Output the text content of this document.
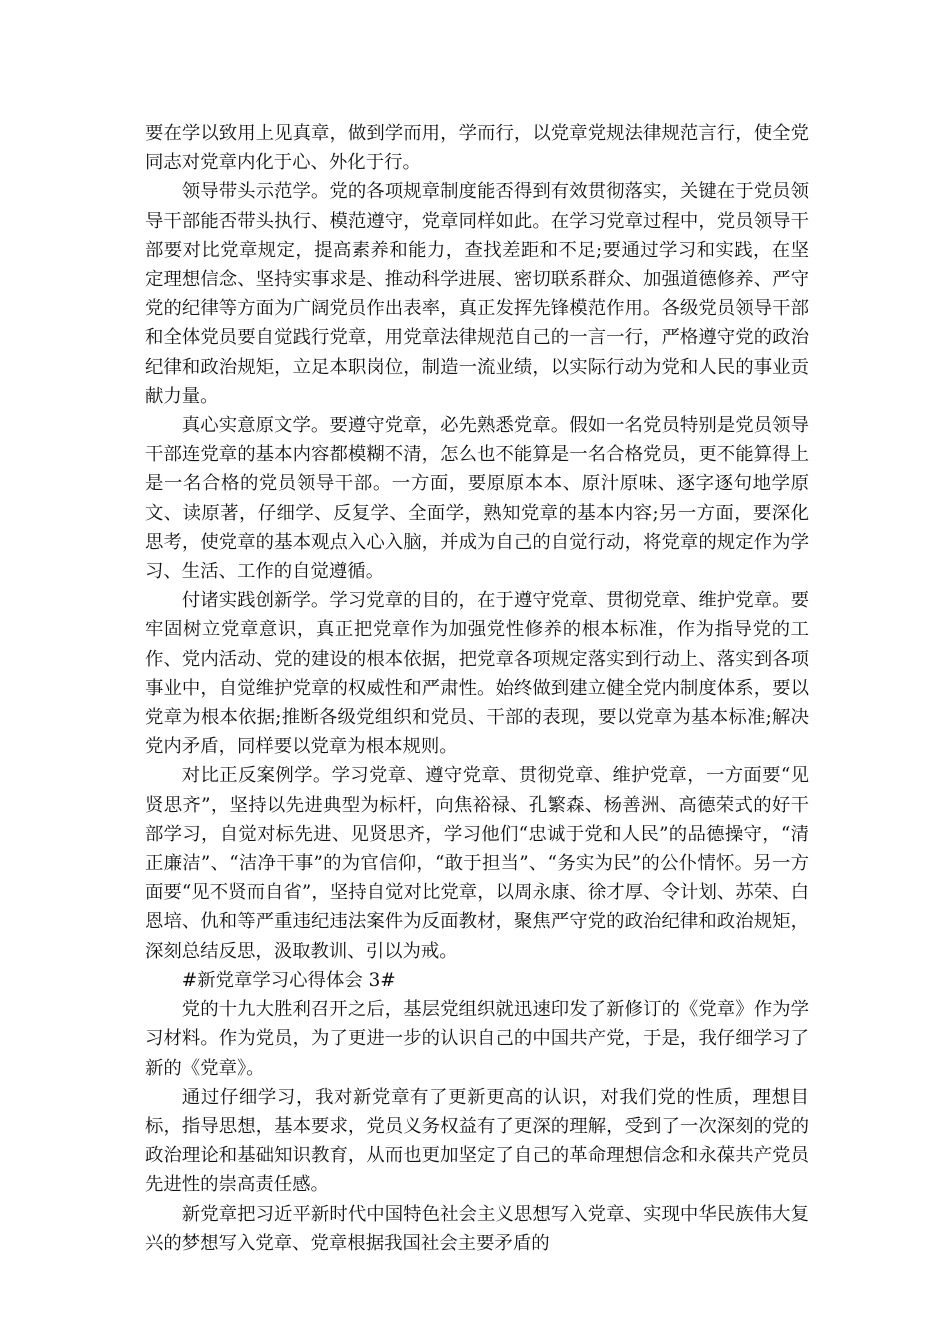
要在学以致用上见真章，做到学而用，学而行，以党章党规法律规范言行，使全党同志对党章内化于心、外化于行。

领导带头示范学。党的各项规章制度能否得到有效贯彻落实，关键在于党员领导干部能否带头执行、模范遵守，党章同样如此。在学习党章过程中，党员领导干部要对比党章规定，提高素养和能力，查找差距和不足;要通过学习和实践，在坚定理想信念、坚持实事求是、推动科学进展、密切联系群众、加强道德修养、严守党的纪律等方面为广阔党员作出表率，真正发挥先锋模范作用。各级党员领导干部和全体党员要自觉践行党章，用党章法律规范自己的一言一行，严格遵守党的政治纪律和政治规矩，立足本职岗位，制造一流业绩，以实际行动为党和人民的事业贡献力量。

真心实意原文学。要遵守党章，必先熟悉党章。假如一名党员特别是党员领导干部连党章的基本内容都模糊不清，怎么也不能算是一名合格党员，更不能算得上是一名合格的党员领导干部。一方面，要原原本本、原汁原味、逐字逐句地学原文、读原著，仔细学、反复学、全面学，熟知党章的基本内容;另一方面，要深化思考，使党章的基本观点入心入脑，并成为自己的自觉行动，将党章的规定作为学习、生活、工作的自觉遵循。

付诸实践创新学。学习党章的目的，在于遵守党章、贯彻党章、维护党章。要牢固树立党章意识，真正把党章作为加强党性修养的根本标准，作为指导党的工作、党内活动、党的建设的根本依据，把党章各项规定落实到行动上、落实到各项事业中，自觉维护党章的权威性和严肃性。始终做到建立健全党内制度体系，要以党章为根本依据;推断各级党组织和党员、干部的表现，要以党章为基本标准;解决党内矛盾，同样要以党章为根本规则。

对比正反案例学。学习党章、遵守党章、贯彻党章、维护党章，一方面要“见贤思齐”，坚持以先进典型为标杆，向焦裕禄、孔繁森、杨善洲、高德荣式的好干部学习，自觉对标先进、见贤思齐，学习他们“忠诚于党和人民”的品德操守，“清正廉洁”、“洁净干事”的为官信仰，“敢于担当”、“务实为民”的公仆情怀。另一方面要“见不贤而自省”，坚持自觉对比党章，以周永康、徐才厚、令计划、苏荣、白恩培、仇和等严重违纪违法案件为反面教材，聚焦严守党的政治纪律和政治规矩，深刻总结反思，汲取教训、引以为戒。

#新党章学习心得体会 3#

党的十九大胜利召开之后，基层党组织就迅速印发了新修订的《党章》作为学习材料。作为党员，为了更进一步的认识自己的中国共产党，于是，我仔细学习了新的《党章》。

通过仔细学习，我对新党章有了更新更高的认识，对我们党的性质，理想目标，指导思想，基本要求，党员义务权益有了更深的理解，受到了一次深刻的党的政治理论和基础知识教育，从而也更加坚定了自己的革命理想信念和永葆共产党员先进性的崇高责任感。

新党章把习近平新时代中国特色社会主义思想写入党章、实现中华民族伟大复兴的梦想写入党章、党章根据我国社会主要矛盾的
